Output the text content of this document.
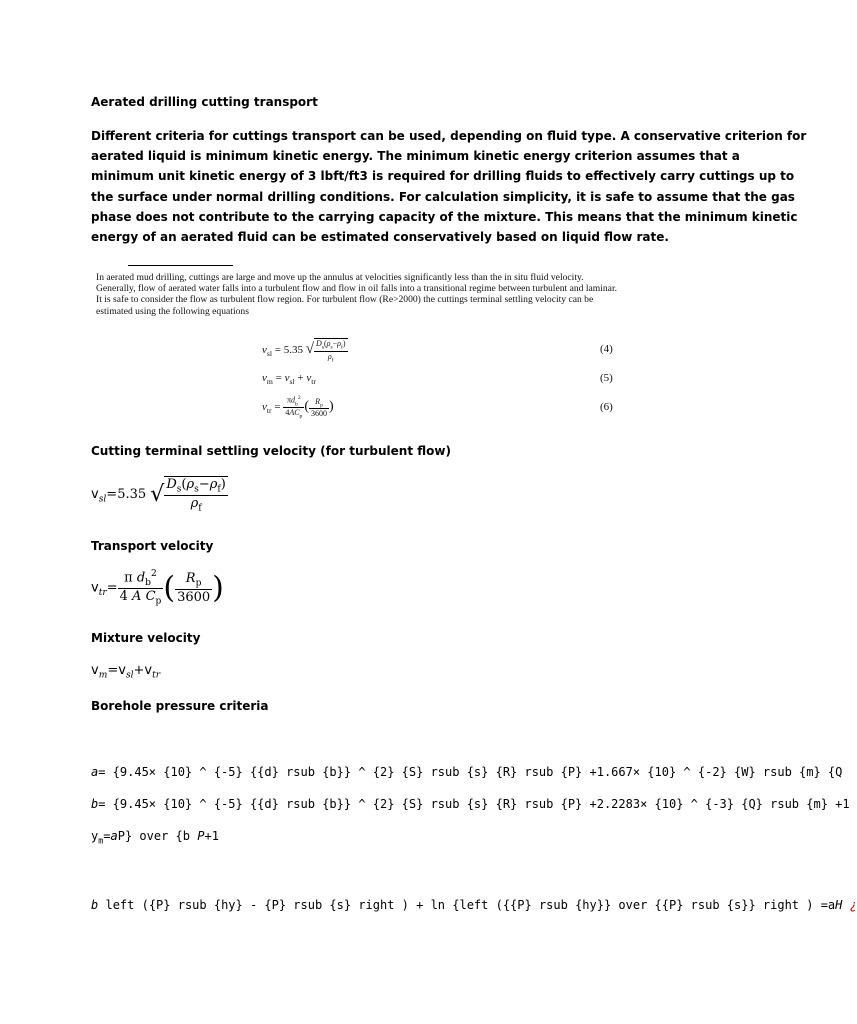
Aerated drilling cutting transport
Different criteria for cuttings transport can be used, depending on fluid type. A conservative criterion for
aerated liquid is minimum kinetic energy. The minimum kinetic energy criterion assumes that a
minimum unit kinetic energy of 3 lbft/ft3 is required for drilling fluids to effectively carry cuttings up to
the surface under normal drilling conditions. For calculation simplicity, it is safe to assume that the gas
phase does not contribute to the carrying capacity of the mixture. This means that the minimum kinetic
energy of an aerated fluid can be estimated conservatively based on liquid flow rate.
In aerated mud drilling, cuttings are large and move up the annulus at velocities significantly less than the in situ fluid velocity.
Generally, flow of aerated water falls into a turbulent flow and flow in oil falls into a transitional regime between turbulent and laminar.
It is safe to consider the flow as turbulent flow region. For turbulent flow (Re>2000) the cuttings terminal settling velocity can be
estimated using the following equations
$v_{sl} = 5.35$ √ $\frac{D_s(\rho_s-\rho_f)}{\rho_f}$	(4)
$v_m = v_{sl} + v_{tr}$	(5)
$v_{tr} = \frac{\pi d_b^2}{4AC_p}$ ( $\frac{R_p}{3600}$ )	(6)
Cutting terminal settling velocity (for turbulent flow)
$v_{sl}=5.35$ √ $\frac{D_s(\rho_s-\rho_f)}{\rho_f}$
Transport velocity
$v_{tr}= \frac{\pi d_b^2}{4 A C_p}$ ( $\frac{R_p}{3600}$ )
Mixture velocity
$v_m=v_{sl}+v_{tr}$
Borehole pressure criteria
a= {9.45× {10} ^ {-5} {{d} rsub {b}} ^ {2} {S} rsub {s} {R} rsub {P} +1.667× {10} ^ {-2} {W} rsub {m} {Q
b= {9.45× {10} ^ {-5} {{d} rsub {b}} ^ {2} {S} rsub {s} {R} rsub {P} +2.2283× {10} ^ {-3} {Q} rsub {m} +1
$y_m=aP$} over {b P+1
b left ({P} rsub {hy} - {P} rsub {s} right ) + ln {left ({{P} rsub {hy}} over {{P} rsub {s}} right ) =aH ¿
